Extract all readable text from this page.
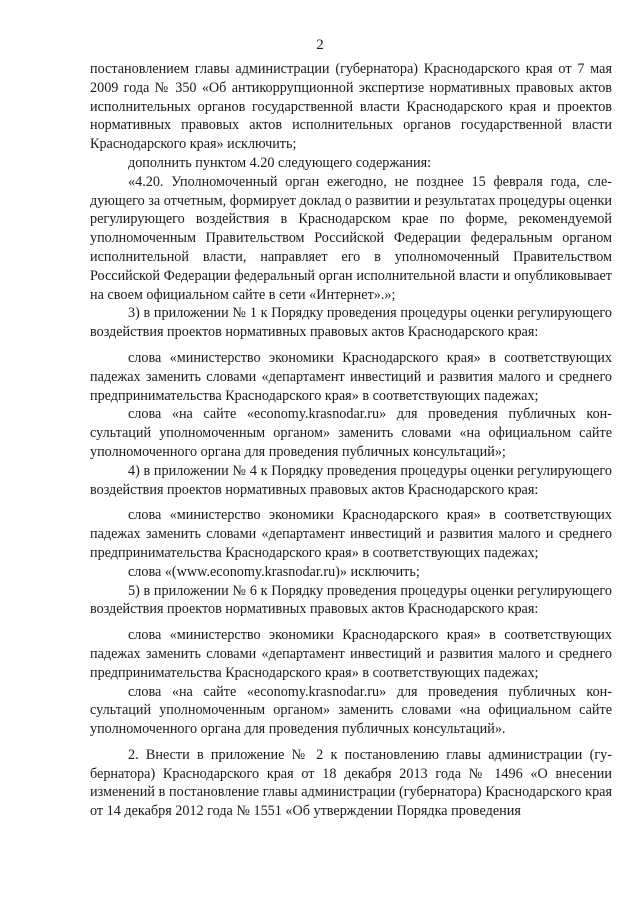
2

постановлением главы администрации (губернатора) Краснодарского края от 7 мая 2009 года № 350 «Об антикоррупционной экспертизе нормативных правовых актов исполнительных органов государственной власти Краснодарского края и проектов нормативных правовых актов исполнительных органов государственной власти Краснодарского края» исключить;

дополнить пунктом 4.20 следующего содержания:

«4.20. Уполномоченный орган ежегодно, не позднее 15 февраля года, следующего за отчетным, формирует доклад о развитии и результатах процедуры оценки регулирующего воздействия в Краснодарском крае по форме, рекомендуемой уполномоченным Правительством Российской Федерации федеральным органом исполнительной власти, направляет его в уполномоченный Правительством Российской Федерации федеральный орган исполнительной власти и опубликовывает на своем официальном сайте в сети «Интернет».»;

3) в приложении № 1 к Порядку проведения процедуры оценки регулирующего воздействия проектов нормативных правовых актов Краснодарского края:

слова «министерство экономики Краснодарского края» в соответствующих падежах заменить словами «департамент инвестиций и развития малого и среднего предпринимательства Краснодарского края» в соответствующих падежах;

слова «на сайте «economy.krasnodar.ru» для проведения публичных консультаций уполномоченным органом» заменить словами «на официальном сайте уполномоченного органа для проведения публичных консультаций»;

4) в приложении № 4 к Порядку проведения процедуры оценки регулирующего воздействия проектов нормативных правовых актов Краснодарского края:

слова «министерство экономики Краснодарского края» в соответствующих падежах заменить словами «департамент инвестиций и развития малого и среднего предпринимательства Краснодарского края» в соответствующих падежах;

слова «(www.economy.krasnodar.ru)» исключить;

5) в приложении № 6 к Порядку проведения процедуры оценки регулирующего воздействия проектов нормативных правовых актов Краснодарского края:

слова «министерство экономики Краснодарского края» в соответствующих падежах заменить словами «департамент инвестиций и развития малого и среднего предпринимательства Краснодарского края» в соответствующих падежах;

слова «на сайте «economy.krasnodar.ru» для проведения публичных консультаций уполномоченным органом» заменить словами «на официальном сайте уполномоченного органа для проведения публичных консультаций».

2. Внести в приложение № 2 к постановлению главы администрации (губернатора) Краснодарского края от 18 декабря 2013 года № 1496 «О внесении изменений в постановление главы администрации (губернатора) Краснодарского края от 14 декабря 2012 года № 1551 «Об утверждении Порядка проведения
